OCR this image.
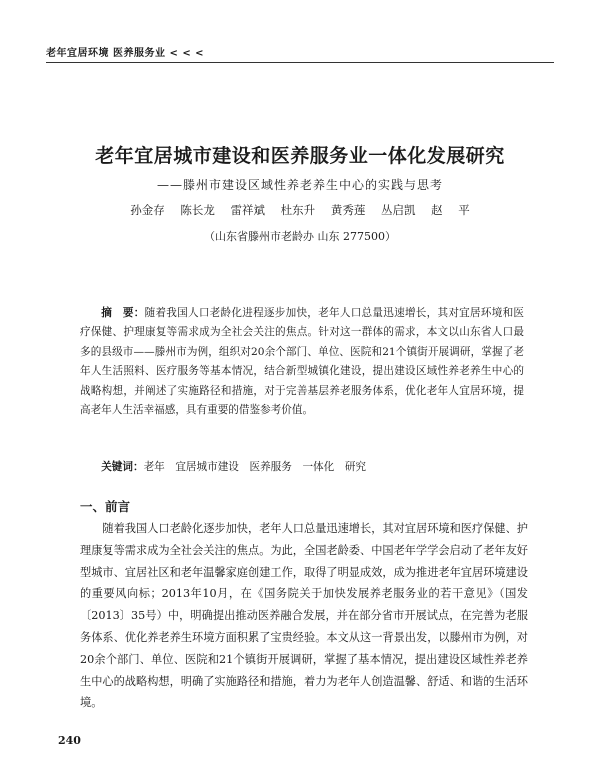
老年宜居环境 医养服务业 < < <
老年宜居城市建设和医养服务业一体化发展研究
——滕州市建设区域性养老养生中心的实践与思考
孙金存 陈长龙 雷祥斌 杜东升 黄秀莲 丛启凯 赵 平
（山东省滕州市老龄办 山东 277500）
摘　要：随着我国人口老龄化进程逐步加快，老年人口总量迅速增长，其对宜居环境和医疗保健、护理康复等需求成为全社会关注的焦点。针对这一群体的需求，本文以山东省人口最多的县级市——滕州市为例，组织对20余个部门、单位、医院和21个镇街开展调研，掌握了老年人生活照料、医疗服务等基本情况，结合新型城镇化建设，提出建设区域性养老养生中心的战略构想，并阐述了实施路径和措施，对于完善基层养老服务体系，优化老年人宜居环境，提高老年人生活幸福感，具有重要的借鉴参考价值。
关键词：老年　宜居城市建设　医养服务　一体化　研究
一、前言
随着我国人口老龄化逐步加快，老年人口总量迅速增长，其对宜居环境和医疗保健、护理康复等需求成为全社会关注的焦点。为此，全国老龄委、中国老年学学会启动了老年友好型城市、宜居社区和老年温馨家庭创建工作，取得了明显成效，成为推进老年宜居环境建设的重要风向标；2013年10月，在《国务院关于加快发展养老服务业的若干意见》（国发〔2013〕35号）中，明确提出推动医养融合发展，并在部分省市开展试点，在完善为老服务体系、优化养老养生环境方面积累了宝贵经验。本文从这一背景出发，以滕州市为例，对20余个部门、单位、医院和21个镇街开展调研，掌握了基本情况，提出建设区域性养老养生中心的战略构想，明确了实施路径和措施，着力为老年人创造温馨、舒适、和谐的生活环境。
240
